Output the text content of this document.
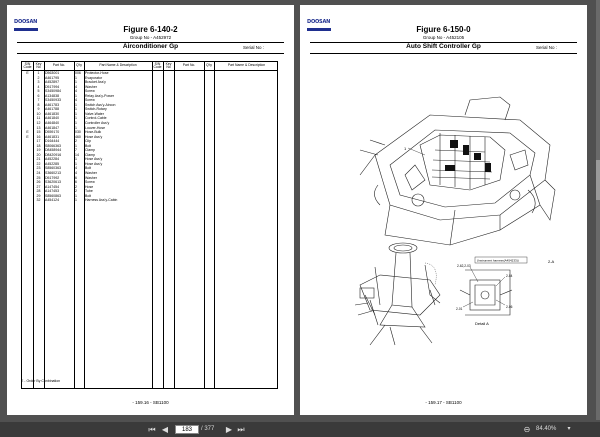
DOOSAN
Figure 6-140-2
Group No - A452972
Airconditioner Gp	Serial No :
S/N Code
Key No	Part No.	Q'ty	Part Name & Description	S/N Code
Key No	Part No.	Q'ty	Part Name & Description
E	1	D563001	006 Protector-Hose
2	A461795	1 Evaporator
3	A452897	1 Bracket Ass'y
4	D517994	4 Washer
5	S3450984	4 Screw
6	A134838	1 Relay Ass'y-Power
7	S3450933	4 Screw
8	A461783	1 Switch Ass'y-Aircon
9	A461788	1 Switch-Rotary
10	A461830	1 Valve-Water
11	A461840	1 Control-Cable
12	A464840	1 Controller Ass'y
13	A461847	1 Louver-Hose
E	15	D559170	030 Hose-Bulk
E	16	A461831	460 Hose Ass'y
17	D164444	2 Clip
18	S8066363	1 Bolt
19	D8458944	7 Clamp
20	D8420916	14 Clamp
21	A452284	1 Hose Ass'y
22	A452285	1 Hose Ass'y
23	S8560363	4 Bolt
24	S3660213	4 Washer
25	D517992	6 Washer
26	S3620613	6 Screw
27	A147454	2 Hose
28	A147453	2 Tube
29	S8560863	1 Bolt
32	A454124	1 Harness Ass'y-Cabin
E - Order By Conbination
- 159.16 - SB1100
DOOSAN
Figure 6-150-0
Group No - A452105
Auto Shift Controller Gp	Serial No :
1
2-A
2-62,2-03
(Instrument harness(A454233))
2-04
2-06
2-01
Detail A
- 159.17 - SB1100
⏮ ◀	183	/ 377 ▶ ⏭	⊖ 84.40%	▾
